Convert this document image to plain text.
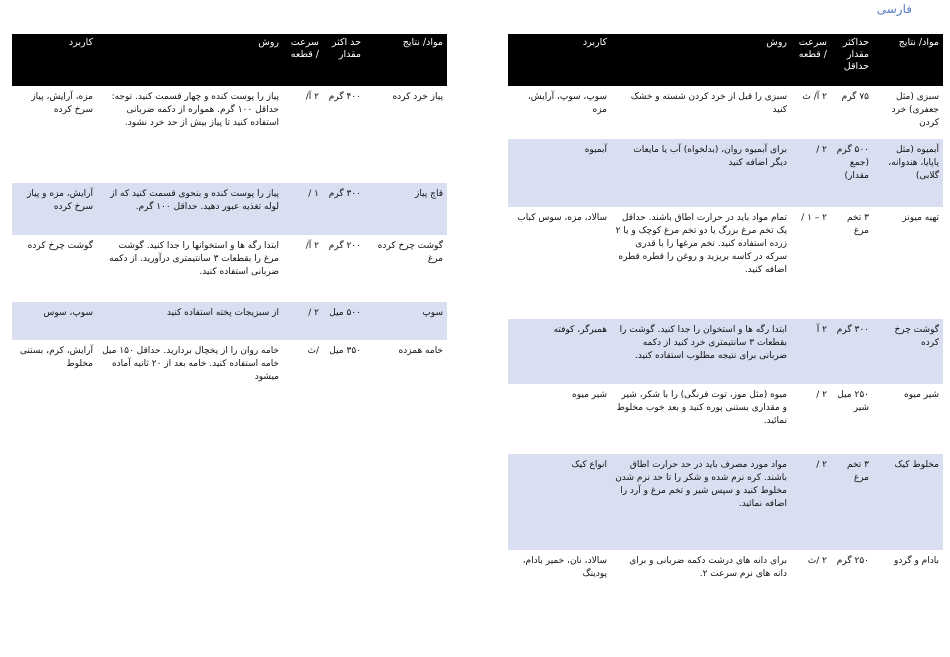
فارسی
مواد/ نتایج	حداکثر مقدار حداقل	سرعت / قطعه	روش	کاربرد
سبزی (مثل جعفری) خرد کردن	۷۵ گرم	۲ آ/ ث	سبزی را قبل از خرد کردن شسته و خشک کنید	سوپ، سوپ، آرایش، مزه
آبمیوه (مثل پاپایا، هندوانه، گلابی)	۵۰۰ گرم (جمع مقدار)	۲ /	برای آبمیوه روان، (بدلخواه) آب یا مایعات دیگر اضافه کنید	آبمیوه
تهیه میونز	۳ تخم مرغ	۲ – ۱ /	تمام مواد باید در حرارت اطاق باشند. حداقل یک تخم مرغ بزرگ یا دو تخم مرغ کوچک و یا ۲ زرده استفاده کنید. تخم مرغها را با قدری سرکه در کاسه بریزید و روغن را قطره قطره اضافه کنید.	سالاد، مزه، سوس کباب
گوشت چرخ کرده	۳۰۰ گرم	۲ آ	ابتدا رگه ها و استخوان را جدا کنید. گوشت را بقطعات ۳ سانتیمتری خرد کنید از دکمه ضربانی برای نتیجه مطلوب استفاده کنید.	همبرگر، کوفته
شیر میوه	۲۵۰ میل شیر	۲ /	میوه (مثل موز، توت فرنگی) را با شکر، شیر و مقداری بستنی پوره کنید و بعد خوب مخلوط نمائید.	شیر میوه
مخلوط کیک	۳ تخم مرغ	۲ /	مواد مورد مصرف باید در حد حرارت اطاق باشند. کره نرم شده و شکر را تا حد نرم شدن مخلوط کنید و سپس شیر و تخم مرغ و آرد را اضافه نمائید.	انواع کیک
بادام و گردو	۲۵۰ گرم	۲ /ث	برای دانه های درشت دکمه ضربانی و برای دانه های نرم سرعت ۲.	سالاد، نان، خمیر بادام، پودینگ
مواد/ نتایج	حد اکثر مقدار	سرعت / قطعه	روش	کاربرد
پیاز خرد کرده	۴۰۰ گرم	۲ آ/	پیاز را پوست کنده و چهار قسمت کنید. توجه: حداقل ۱۰۰ گرم. همواره از دکمه ضربانی استفاده کنید تا پیاز بیش از حد خرد نشود.	مزه، آرایش، پیاز سرخ کرده
قاچ پیاز	۳۰۰ گرم	۱ /	پیاز را پوست کنده و بنحوی قسمت کنید که از لوله تغذیه عبور دهید. حداقل ۱۰۰ گرم.	آرایش، مزه و پیاز سرخ کرده
گوشت چرخ کرده مرغ	۲۰۰ گرم	۲ آ/	ابتدا رگه ها و استخوانها را جدا کنید. گوشت مرغ را بقطعات ۳ سانتیمتری درآورید. از دکمه ضربانی استفاده کنید.	گوشت چرخ کرده
سوپ	۵۰۰ میل	۲ /	از سبزیجات پخته استفاده کنید	سوپ، سوس
خامه همزده	۳۵۰ میل	/ث	خامه روان را از یخچال بردارید. حداقل ۱۵۰ میل خامه استفاده کنید. خامه بعد از ۲۰ ثانیه آماده میشود	آرایش، کرم، بستنی مخلوط
